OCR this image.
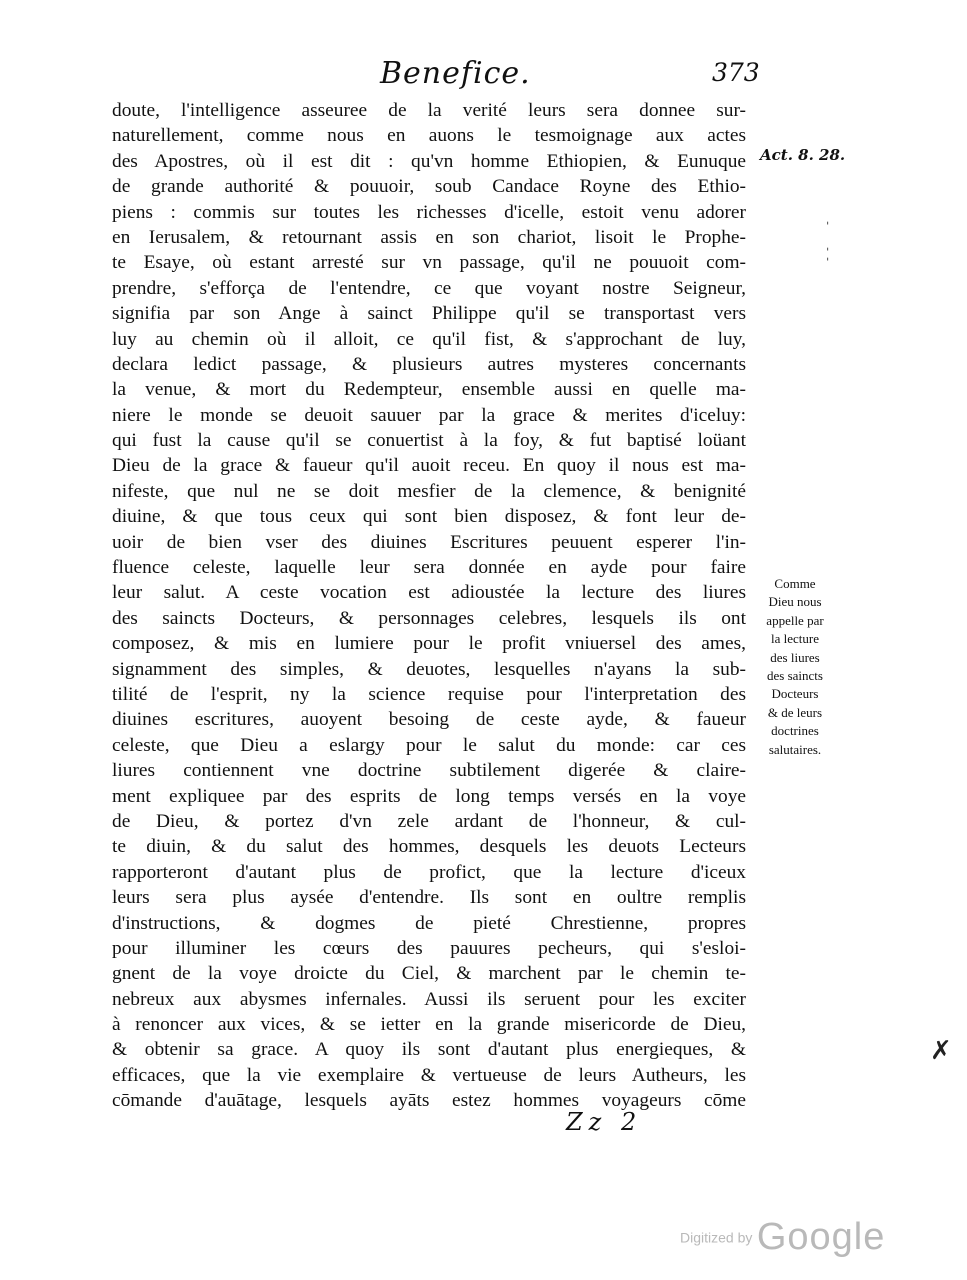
Benefice.	373
doute, l'intelligence asseuree de la verité leurs sera donnee sur-
naturellement, comme nous en auons le tesmoignage aux actes
des Apostres, où il est dit : qu'vn homme Ethiopien, & Eunuque
de grande authorité & pouuoir, soub Candace Royne des Ethio-
piens : commis sur toutes les richesses d'icelle, estoit venu adorer
en Ierusalem, & retournant assis en son chariot, lisoit le Prophe-
te Esaye, où estant arresté sur vn passage, qu'il ne pouuoit com-
prendre, s'efforça de l'entendre, ce que voyant nostre Seigneur,
signifia par son Ange à sainct Philippe qu'il se transportast vers
luy au chemin où il alloit, ce qu'il fist, & s'approchant de luy,
declara ledict passage, & plusieurs autres mysteres concernants
la venue, & mort du Redempteur, ensemble aussi en quelle ma-
niere le monde se deuoit sauuer par la grace & merites d'iceluy:
qui fust la cause qu'il se conuertist à la foy, & fut baptisé loüant
Dieu de la grace & faueur qu'il auoit receu. En quoy il nous est ma-
nifeste, que nul ne se doit mesfier de la clemence, & benignité
diuine, & que tous ceux qui sont bien disposez, & font leur de-
uoir de bien vser des diuines Escritures peuuent esperer l'in-
fluence celeste, laquelle leur sera donnée en ayde pour faire
leur salut. A ceste vocation est adioustée la lecture des liures
des saincts Docteurs, & personnages celebres, lesquels ils ont
composez, & mis en lumiere pour le profit vniuersel des ames,
signamment des simples, & deuotes, lesquelles n'ayans la sub-
tilité de l'esprit, ny la science requise pour l'interpretation des
diuines escritures, auoyent besoing de ceste ayde, & faueur
celeste, que Dieu a eslargy pour le salut du monde: car ces
liures contiennent vne doctrine subtilement digerée & claire-
ment expliquee par des esprits de long temps versés en la voye
de Dieu, & portez d'vn zele ardant de l'honneur, & cul-
te diuin, & du salut des hommes, desquels les deuots Lecteurs
rapporteront d'autant plus de profict, que la lecture d'iceux
leurs sera plus aysée d'entendre. Ils sont en oultre remplis
d'instructions, & dogmes de pieté Chrestienne, propres
pour illuminer les cœurs des pauures pecheurs, qui s'esloi-
gnent de la voye droicte du Ciel, & marchent par le chemin te-
nebreux aux abysmes infernales. Aussi ils seruent pour les exciter
à renoncer aux vices, & se ietter en la grande misericorde de Dieu,
& obtenir sa grace. A quoy ils sont d'autant plus energieques, &
efficaces, que la vie exemplaire & vertueuse de leurs Autheurs, les
cōmande d'auātage, lesquels ayāts estez hommes voyageurs cōme
Act. 8. 28.
ˈ
ˌ
ˈ
Comme
Dieu nous
appelle par
la lecture
des liures
des saincts
Docteurs
& de leurs
doctrines
salutaires.
✗
Zz 2
Digitized by Google
